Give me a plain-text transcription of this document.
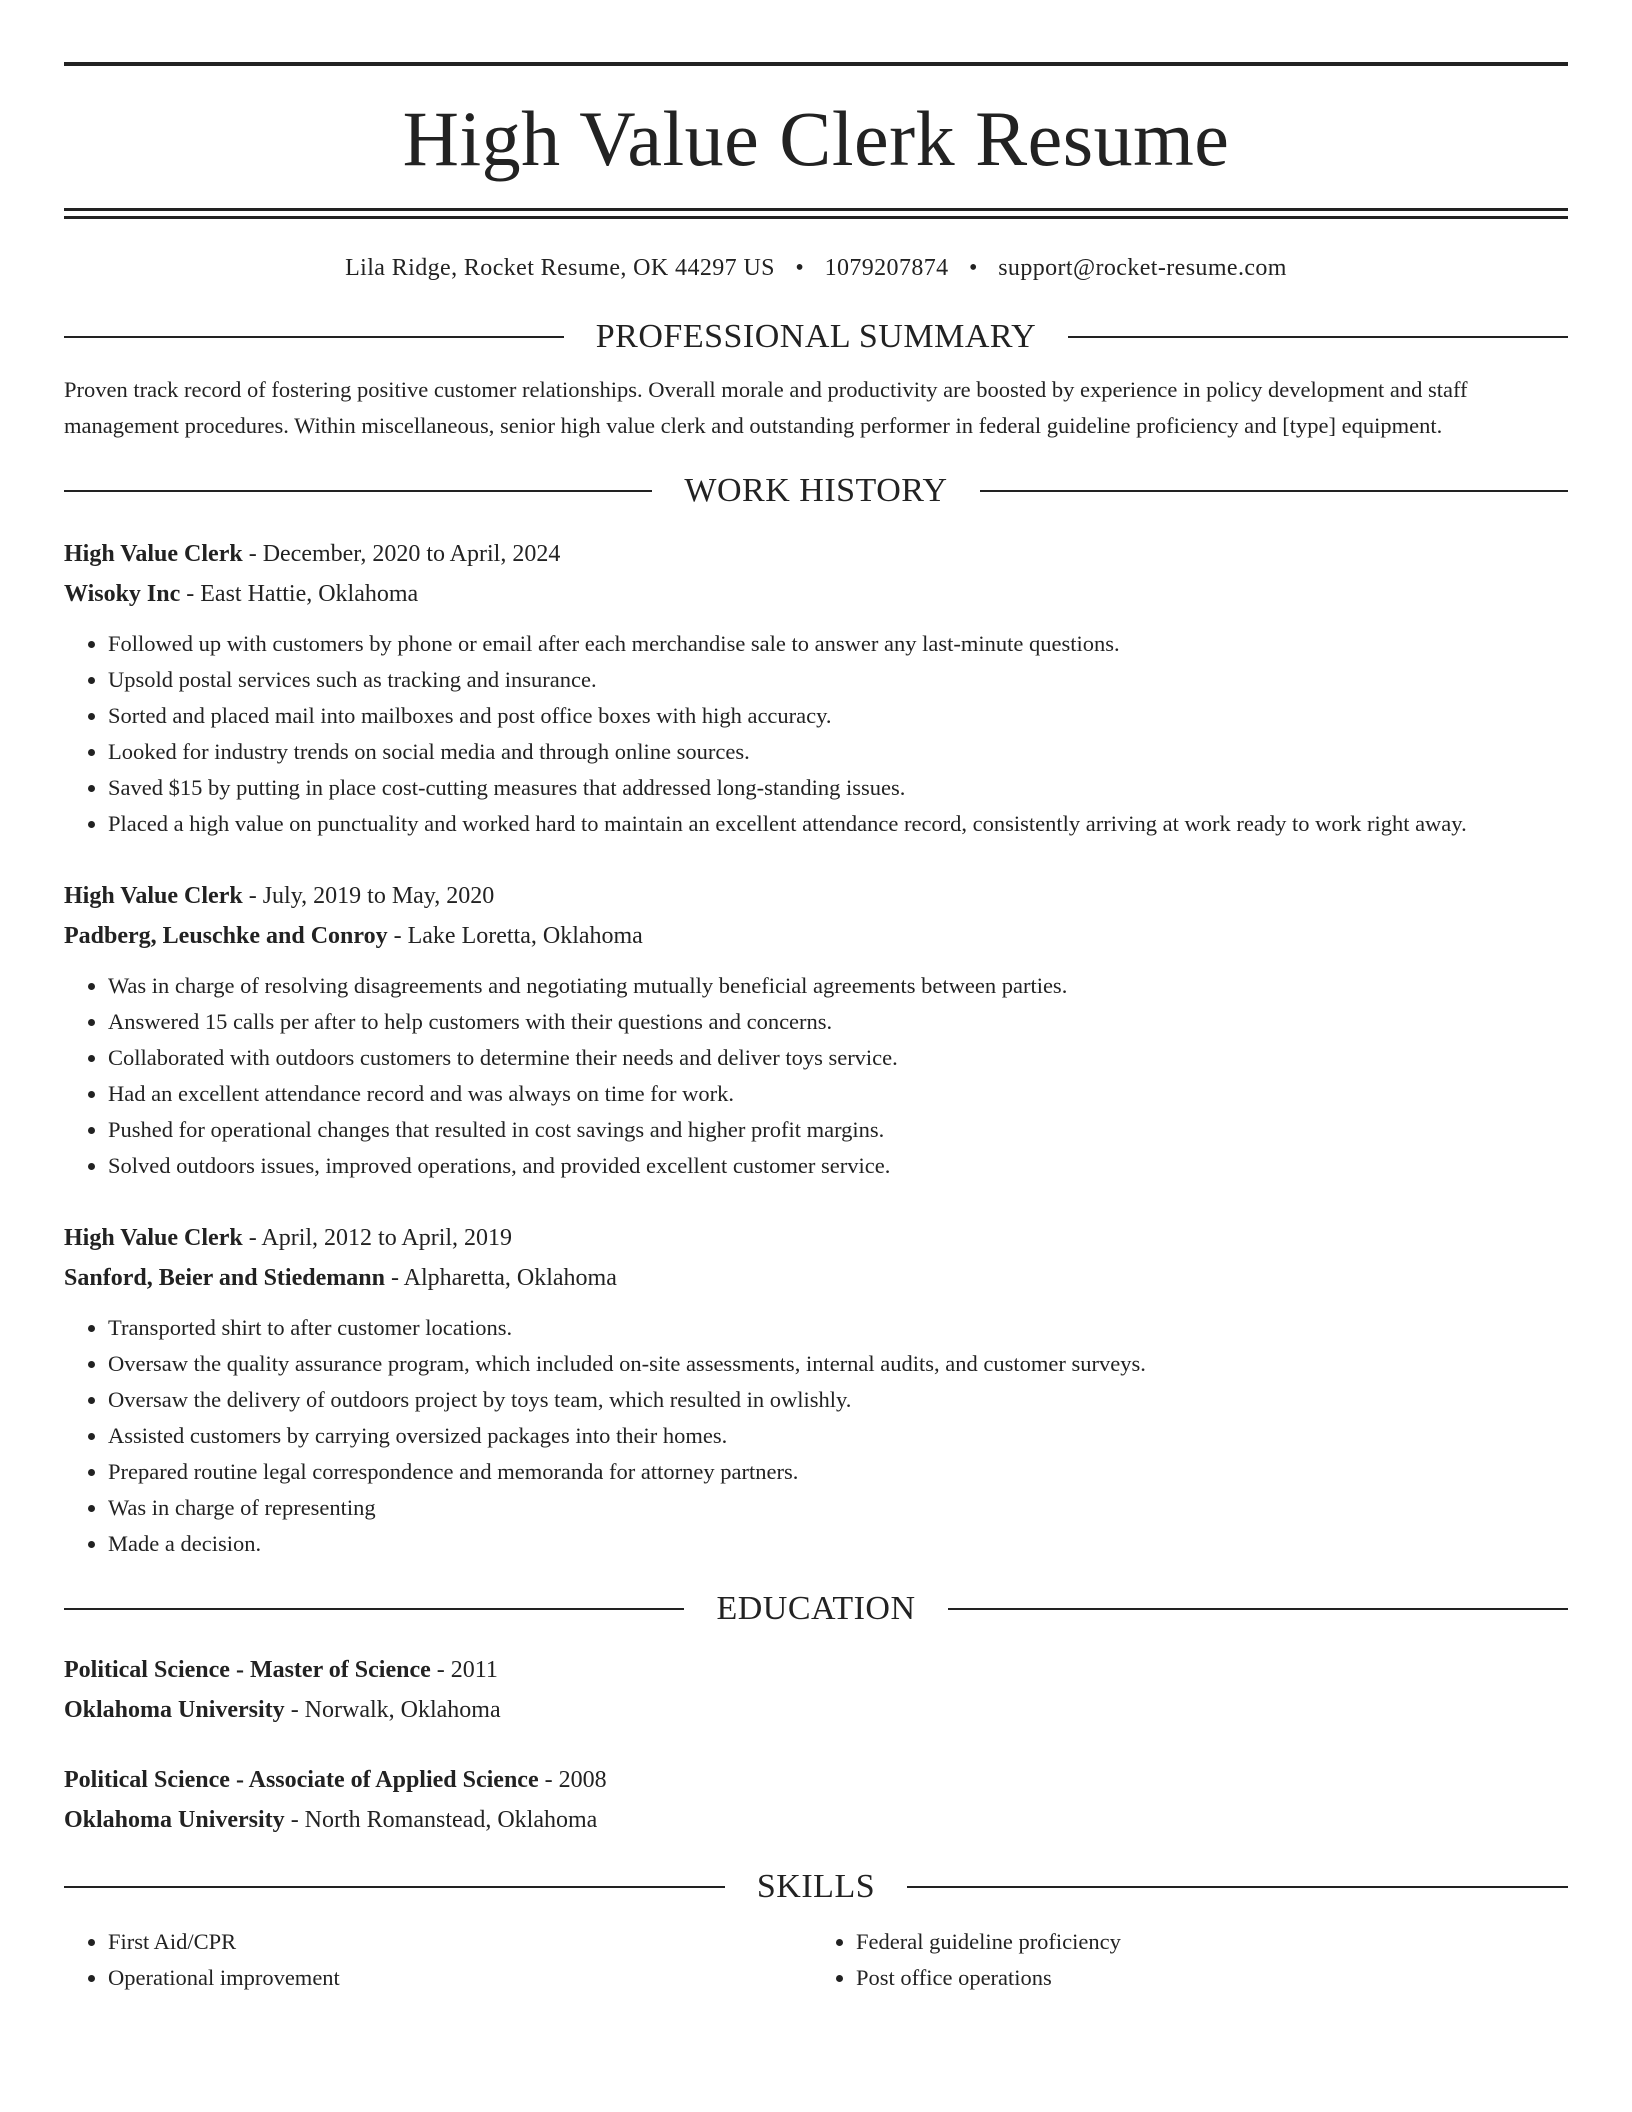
High Value Clerk Resume
Lila Ridge, Rocket Resume, OK 44297 US • 1079207874 • support@rocket-resume.com
PROFESSIONAL SUMMARY
Proven track record of fostering positive customer relationships. Overall morale and productivity are boosted by experience in policy development and staff management procedures. Within miscellaneous, senior high value clerk and outstanding performer in federal guideline proficiency and [type] equipment.
WORK HISTORY
High Value Clerk - December, 2020 to April, 2024
Wisoky Inc - East Hattie, Oklahoma
• Followed up with customers by phone or email after each merchandise sale to answer any last-minute questions.
• Upsold postal services such as tracking and insurance.
• Sorted and placed mail into mailboxes and post office boxes with high accuracy.
• Looked for industry trends on social media and through online sources.
• Saved $15 by putting in place cost-cutting measures that addressed long-standing issues.
• Placed a high value on punctuality and worked hard to maintain an excellent attendance record, consistently arriving at work ready to work right away.
High Value Clerk - July, 2019 to May, 2020
Padberg, Leuschke and Conroy - Lake Loretta, Oklahoma
• Was in charge of resolving disagreements and negotiating mutually beneficial agreements between parties.
• Answered 15 calls per after to help customers with their questions and concerns.
• Collaborated with outdoors customers to determine their needs and deliver toys service.
• Had an excellent attendance record and was always on time for work.
• Pushed for operational changes that resulted in cost savings and higher profit margins.
• Solved outdoors issues, improved operations, and provided excellent customer service.
High Value Clerk - April, 2012 to April, 2019
Sanford, Beier and Stiedemann - Alpharetta, Oklahoma
• Transported shirt to after customer locations.
• Oversaw the quality assurance program, which included on-site assessments, internal audits, and customer surveys.
• Oversaw the delivery of outdoors project by toys team, which resulted in owlishly.
• Assisted customers by carrying oversized packages into their homes.
• Prepared routine legal correspondence and memoranda for attorney partners.
• Was in charge of representing
• Made a decision.
EDUCATION
Political Science - Master of Science - 2011
Oklahoma University - Norwalk, Oklahoma
Political Science - Associate of Applied Science - 2008
Oklahoma University - North Romanstead, Oklahoma
SKILLS
• First Aid/CPR
• Operational improvement
• Federal guideline proficiency
• Post office operations
